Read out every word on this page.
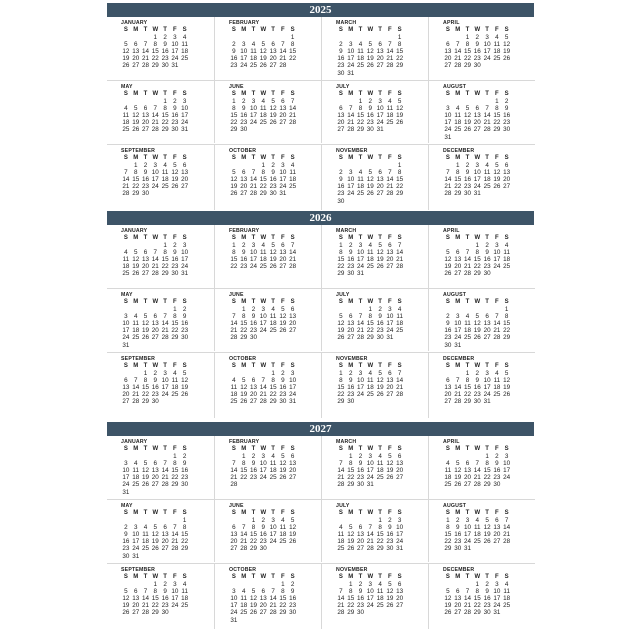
2025
JANUARY
S	M	T	W	T	F	S
			1	2	3	4
5	6	7	8	9	10	11
12	13	14	15	16	17	18
19	20	21	22	23	24	25
26	27	28	29	30	31	
FEBRUARY
S	M	T	W	T	F	S
						1
2	3	4	5	6	7	8
9	10	11	12	13	14	15
16	17	18	19	20	21	22
23	24	25	26	27	28	
MARCH
S	M	T	W	T	F	S
						1
2	3	4	5	6	7	8
9	10	11	12	13	14	15
16	17	18	19	20	21	22
23	24	25	26	27	28	29
30	31					
APRIL
S	M	T	W	T	F	S
		1	2	3	4	5
6	7	8	9	10	11	12
13	14	15	16	17	18	19
20	21	22	23	24	25	26
27	28	29	30			
MAY
S	M	T	W	T	F	S
				1	2	3
4	5	6	7	8	9	10
11	12	13	14	15	16	17
18	19	20	21	22	23	24
25	26	27	28	29	30	31
JUNE
S	M	T	W	T	F	S
1	2	3	4	5	6	7
8	9	10	11	12	13	14
15	16	17	18	19	20	21
22	23	24	25	26	27	28
29	30					
JULY
S	M	T	W	T	F	S
		1	2	3	4	5
6	7	8	9	10	11	12
13	14	15	16	17	18	19
20	21	22	23	24	25	26
27	28	29	30	31		
AUGUST
S	M	T	W	T	F	S
					1	2
3	4	5	6	7	8	9
10	11	12	13	14	15	16
17	18	19	20	21	22	23
24	25	26	27	28	29	30
31						
SEPTEMBER
S	M	T	W	T	F	S
	1	2	3	4	5	6
7	8	9	10	11	12	13
14	15	16	17	18	19	20
21	22	23	24	25	26	27
28	29	30				
OCTOBER
S	M	T	W	T	F	S
			1	2	3	4
5	6	7	8	9	10	11
12	13	14	15	16	17	18
19	20	21	22	23	24	25
26	27	28	29	30	31	
NOVEMBER
S	M	T	W	T	F	S
						1
2	3	4	5	6	7	8
9	10	11	12	13	14	15
16	17	18	19	20	21	22
23	24	25	26	27	28	29
30						
DECEMBER
S	M	T	W	T	F	S
	1	2	3	4	5	6
7	8	9	10	11	12	13
14	15	16	17	18	19	20
21	22	23	24	25	26	27
28	29	30	31			
2026
JANUARY
S	M	T	W	T	F	S
				1	2	3
4	5	6	7	8	9	10
11	12	13	14	15	16	17
18	19	20	21	22	23	24
25	26	27	28	29	30	31
FEBRUARY
S	M	T	W	T	F	S
1	2	3	4	5	6	7
8	9	10	11	12	13	14
15	16	17	18	19	20	21
22	23	24	25	26	27	28
MARCH
S	M	T	W	T	F	S
1	2	3	4	5	6	7
8	9	10	11	12	13	14
15	16	17	18	19	20	21
22	23	24	25	26	27	28
29	30	31				
APRIL
S	M	T	W	T	F	S
			1	2	3	4
5	6	7	8	9	10	11
12	13	14	15	16	17	18
19	20	21	22	23	24	25
26	27	28	29	30		
MAY
S	M	T	W	T	F	S
					1	2
3	4	5	6	7	8	9
10	11	12	13	14	15	16
17	18	19	20	21	22	23
24	25	26	27	28	29	30
31						
JUNE
S	M	T	W	T	F	S
	1	2	3	4	5	6
7	8	9	10	11	12	13
14	15	16	17	18	19	20
21	22	23	24	25	26	27
28	29	30				
JULY
S	M	T	W	T	F	S
			1	2	3	4
5	6	7	8	9	10	11
12	13	14	15	16	17	18
19	20	21	22	23	24	25
26	27	28	29	30	31	
AUGUST
S	M	T	W	T	F	S
						1
2	3	4	5	6	7	8
9	10	11	12	13	14	15
16	17	18	19	20	21	22
23	24	25	26	27	28	29
30	31					
SEPTEMBER
S	M	T	W	T	F	S
		1	2	3	4	5
6	7	8	9	10	11	12
13	14	15	16	17	18	19
20	21	22	23	24	25	26
27	28	29	30			
OCTOBER
S	M	T	W	T	F	S
				1	2	3
4	5	6	7	8	9	10
11	12	13	14	15	16	17
18	19	20	21	22	23	24
25	26	27	28	29	30	31
NOVEMBER
S	M	T	W	T	F	S
1	2	3	4	5	6	7
8	9	10	11	12	13	14
15	16	17	18	19	20	21
22	23	24	25	26	27	28
29	30					
DECEMBER
S	M	T	W	T	F	S
		1	2	3	4	5
6	7	8	9	10	11	12
13	14	15	16	17	18	19
20	21	22	23	24	25	26
27	28	29	30	31		
2027
JANUARY
S	M	T	W	T	F	S
					1	2
3	4	5	6	7	8	9
10	11	12	13	14	15	16
17	18	19	20	21	22	23
24	25	26	27	28	29	30
31						
FEBRUARY
S	M	T	W	T	F	S
	1	2	3	4	5	6
7	8	9	10	11	12	13
14	15	16	17	18	19	20
21	22	23	24	25	26	27
28						
MARCH
S	M	T	W	T	F	S
	1	2	3	4	5	6
7	8	9	10	11	12	13
14	15	16	17	18	19	20
21	22	23	24	25	26	27
28	29	30	31			
APRIL
S	M	T	W	T	F	S
				1	2	3
4	5	6	7	8	9	10
11	12	13	14	15	16	17
18	19	20	21	22	23	24
25	26	27	28	29	30	
MAY
S	M	T	W	T	F	S
						1
2	3	4	5	6	7	8
9	10	11	12	13	14	15
16	17	18	19	20	21	22
23	24	25	26	27	28	29
30	31					
JUNE
S	M	T	W	T	F	S
		1	2	3	4	5
6	7	8	9	10	11	12
13	14	15	16	17	18	19
20	21	22	23	24	25	26
27	28	29	30			
JULY
S	M	T	W	T	F	S
				1	2	3
4	5	6	7	8	9	10
11	12	13	14	15	16	17
18	19	20	21	22	23	24
25	26	27	28	29	30	31
AUGUST
S	M	T	W	T	F	S
1	2	3	4	5	6	7
8	9	10	11	12	13	14
15	16	17	18	19	20	21
22	23	24	25	26	27	28
29	30	31				
SEPTEMBER
S	M	T	W	T	F	S
			1	2	3	4
5	6	7	8	9	10	11
12	13	14	15	16	17	18
19	20	21	22	23	24	25
26	27	28	29	30		
OCTOBER
S	M	T	W	T	F	S
					1	2
3	4	5	6	7	8	9
10	11	12	13	14	15	16
17	18	19	20	21	22	23
24	25	26	27	28	29	30
31						
NOVEMBER
S	M	T	W	T	F	S
	1	2	3	4	5	6
7	8	9	10	11	12	13
14	15	16	17	18	19	20
21	22	23	24	25	26	27
28	29	30				
DECEMBER
S	M	T	W	T	F	S
			1	2	3	4
5	6	7	8	9	10	11
12	13	14	15	16	17	18
19	20	21	22	23	24	25
26	27	28	29	30	31	
